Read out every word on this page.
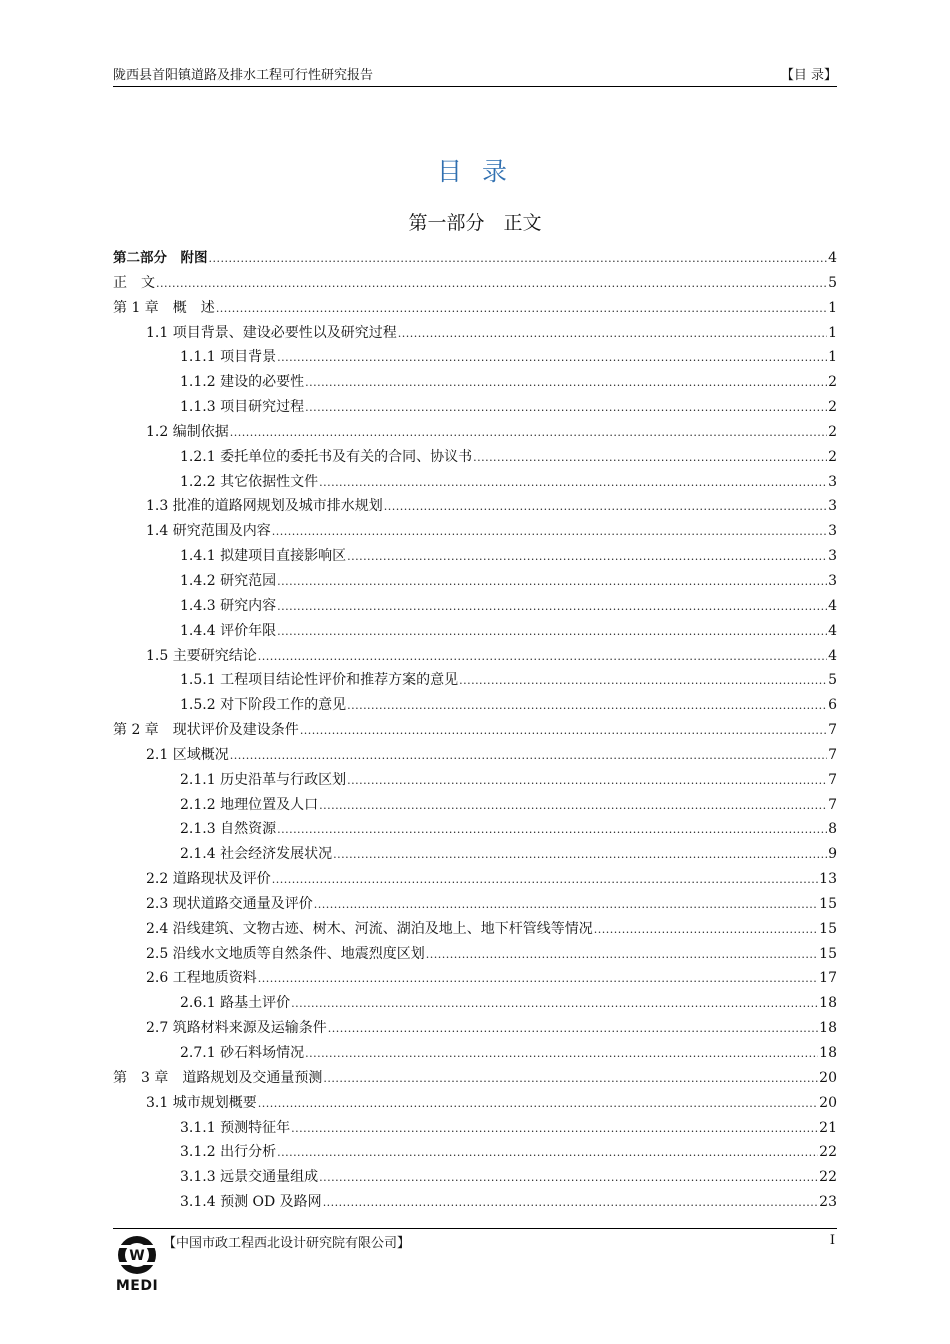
陇西县首阳镇道路及排水工程可行性研究报告	【目 录】
目 录
第一部分　正文
第二部分　附图 .....	4
正　文 .....	5
第 1 章　概　述 .....	1
1.1 项目背景、建设必要性以及研究过程 .....	1
1.1.1 项目背景 .....	1
1.1.2 建设的必要性 .....	2
1.1.3 项目研究过程 .....	2
1.2 编制依据 .....	2
1.2.1 委托单位的委托书及有关的合同、协议书 .....	2
1.2.2 其它依据性文件 .....	3
1.3 批准的道路网规划及城市排水规划 .....	3
1.4 研究范围及内容 .....	3
1.4.1 拟建项目直接影响区 .....	3
1.4.2 研究范园 .....	3
1.4.3 研究内容 .....	4
1.4.4 评价年限 .....	4
1.5 主要研究结论 .....	4
1.5.1 工程项目结论性评价和推荐方案的意见 .....	5
1.5.2 对下阶段工作的意见 .....	6
第 2 章　现状评价及建设条件 .....	7
2.1 区域概况 .....	7
2.1.1 历史沿革与行政区划 .....	7
2.1.2 地理位置及人口 .....	7
2.1.3 自然资源 .....	8
2.1.4 社会经济发展状况 .....	9
2.2 道路现状及评价 .....	13
2.3 现状道路交通量及评价 .....	15
2.4 沿线建筑、文物古迹、树木、河流、湖泊及地上、地下杆管线等情况 .....	15
2.5 沿线水文地质等自然条件、地震烈度区划 .....	15
2.6 工程地质资料 .....	17
2.6.1 路基土评价 .....	18
2.7 筑路材料来源及运输条件 .....	18
2.7.1 砂石料场情况 .....	18
第　3 章　道路规划及交通量预测 .....	20
3.1 城市规划概要 .....	20
3.1.1 预测特征年 .....	21
3.1.2 出行分析 .....	22
3.1.3 远景交通量组成 .....	22
3.1.4 预测 OD 及路网 .....	23
W
MEDI
【中国市政工程西北设计研究院有限公司】	I
